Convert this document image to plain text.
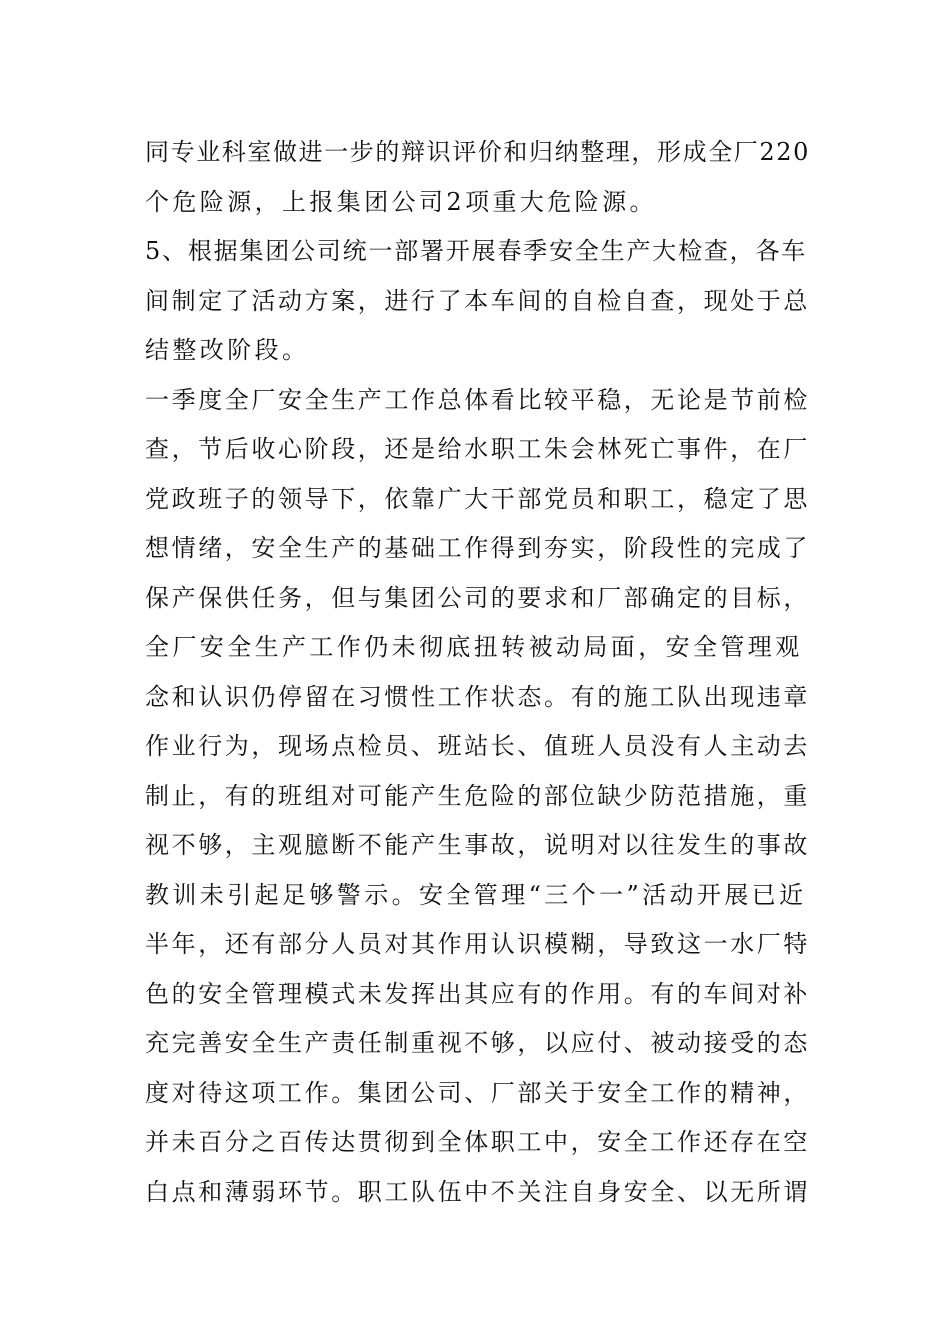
同专业科室做进一步的辩识评价和归纳整理，形成全厂220
个危险源，上报集团公司2项重大危险源。
5、根据集团公司统一部署开展春季安全生产大检查，各车
间制定了活动方案，进行了本车间的自检自查，现处于总
结整改阶段。
一季度全厂安全生产工作总体看比较平稳，无论是节前检
查，节后收心阶段，还是给水职工朱会林死亡事件，在厂
党政班子的领导下，依靠广大干部党员和职工，稳定了思
想情绪，安全生产的基础工作得到夯实，阶段性的完成了
保产保供任务，但与集团公司的要求和厂部确定的目标，
全厂安全生产工作仍未彻底扭转被动局面，安全管理观
念和认识仍停留在习惯性工作状态。有的施工队出现违章
作业行为，现场点检员、班站长、值班人员没有人主动去
制止，有的班组对可能产生危险的部位缺少防范措施，重
视不够，主观臆断不能产生事故，说明对以往发生的事故
教训未引起足够警示。安全管理“三个一”活动开展已近
半年，还有部分人员对其作用认识模糊，导致这一水厂特
色的安全管理模式未发挥出其应有的作用。有的车间对补
充完善安全生产责任制重视不够，以应付、被动接受的态
度对待这项工作。集团公司、厂部关于安全工作的精神，
并未百分之百传达贯彻到全体职工中，安全工作还存在空
白点和薄弱环节。职工队伍中不关注自身安全、以无所谓
